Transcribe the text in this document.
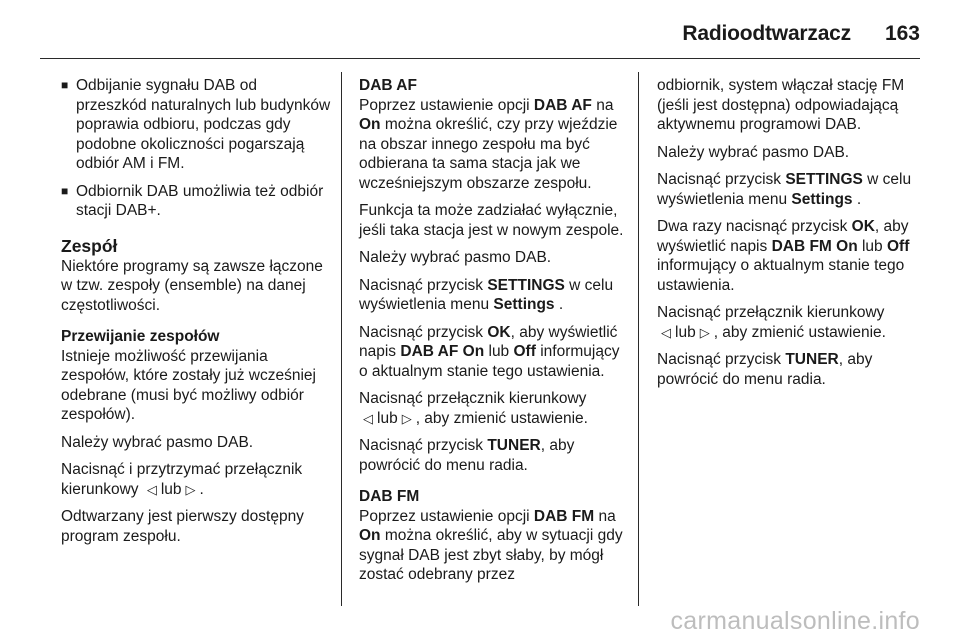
Radioodtwarzacz 163
■ Odbijanie sygnału DAB od przeszkód naturalnych lub budynków poprawia odbioru, podczas gdy podobne okoliczności pogarszają odbiór AM i FM.
■ Odbiornik DAB umożliwia też odbiór stacji DAB+.
Zespół

Niektóre programy są zawsze łączone w tzw. zespoły (ensemble) na danej częstotliwości.

Przewijanie zespołów

Istnieje możliwość przewijania zespołów, które zostały już wcześniej odebrane (musi być możliwy odbiór zespołów).

Należy wybrać pasmo DAB.

Nacisnąć i przytrzymać przełącznik kierunkowy ◁ lub ▷ .

Odtwarzany jest pierwszy dostępny program zespołu.

DAB AF

Poprzez ustawienie opcji DAB AF na On można określić, czy przy wjeździe na obszar innego zespołu ma być odbierana ta sama stacja jak we wcześniejszym obszarze zespołu.

Funkcja ta może zadziałać wyłącznie, jeśli taka stacja jest w nowym zespole.

Należy wybrać pasmo DAB.

Nacisnąć przycisk SETTINGS w celu wyświetlenia menu Settings .

Nacisnąć przycisk OK, aby wyświetlić napis DAB AF On lub Off informujący o aktualnym stanie tego ustawienia.

Nacisnąć przełącznik kierunkowy
◁ lub ▷ , aby zmienić ustawienie.

Nacisnąć przycisk TUNER, aby powrócić do menu radia.

DAB FM

Poprzez ustawienie opcji DAB FM na On można określić, aby w sytuacji gdy sygnał DAB jest zbyt słaby, by mógł zostać odebrany przez

odbiornik, system włączał stację FM (jeśli jest dostępna) odpowiadającą aktywnemu programowi DAB.

Należy wybrać pasmo DAB.

Nacisnąć przycisk SETTINGS w celu wyświetlenia menu Settings .

Dwa razy nacisnąć przycisk OK, aby wyświetlić napis DAB FM On lub Off informujący o aktualnym stanie tego ustawienia.

Nacisnąć przełącznik kierunkowy
◁ lub ▷ , aby zmienić ustawienie.

Nacisnąć przycisk TUNER, aby powrócić do menu radia.

carmanualsonline.info
